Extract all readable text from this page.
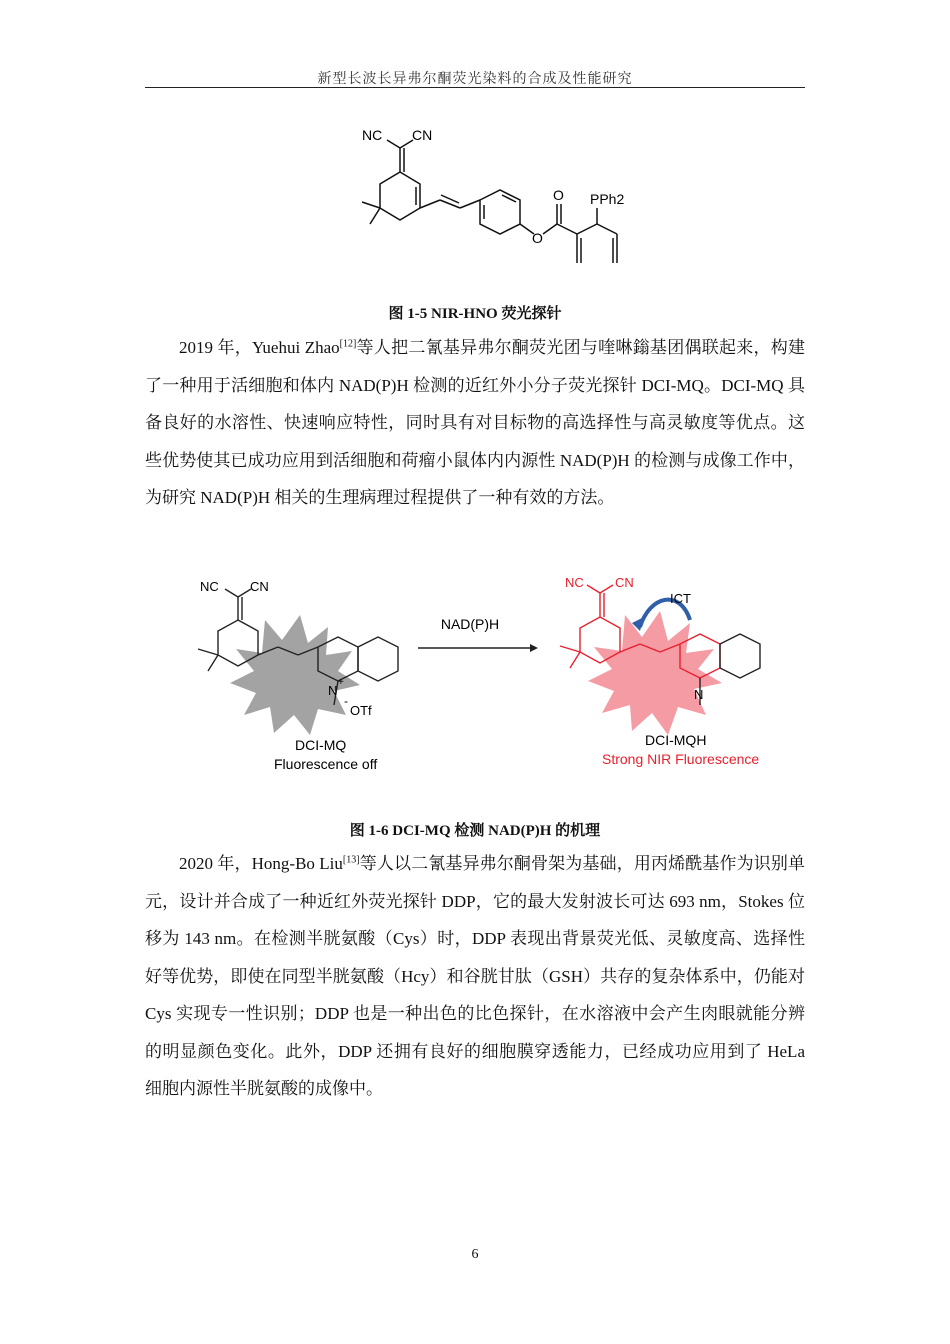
新型长波长异弗尔酮荧光染料的合成及性能研究
NC CN
O
O
PPh2
图 1-5 NIR-HNO 荧光探针
2019 年，Yuehui Zhao[12]等人把二氰基异弗尔酮荧光团与喹啉鎓基团偶联起来，构建了一种用于活细胞和体内 NAD(P)H 检测的近红外小分子荧光探针 DCI-MQ。DCI-MQ 具备良好的水溶性、快速响应特性，同时具有对目标物的高选择性与高灵敏度等优点。这些优势使其已成功应用到活细胞和荷瘤小鼠体内内源性 NAD(P)H 的检测与成像工作中，为研究 NAD(P)H 相关的生理病理过程提供了一种有效的方法。
NC CN
N
+
-
OTf
DCI-MQ
Fluorescence off
NAD(P)H
NC CN
ICT
N
DCI-MQH
Strong NIR Fluorescence
图 1-6 DCI-MQ 检测 NAD(P)H 的机理
2020 年，Hong-Bo Liu[13]等人以二氰基异弗尔酮骨架为基础，用丙烯酰基作为识别单元，设计并合成了一种近红外荧光探针 DDP，它的最大发射波长可达 693 nm，Stokes 位移为 143 nm。在检测半胱氨酸（Cys）时，DDP 表现出背景荧光低、灵敏度高、选择性好等优势，即使在同型半胱氨酸（Hcy）和谷胱甘肽（GSH）共存的复杂体系中，仍能对 Cys 实现专一性识别；DDP 也是一种出色的比色探针，在水溶液中会产生肉眼就能分辨的明显颜色变化。此外，DDP 还拥有良好的细胞膜穿透能力，已经成功应用到了 HeLa 细胞内源性半胱氨酸的成像中。
6
